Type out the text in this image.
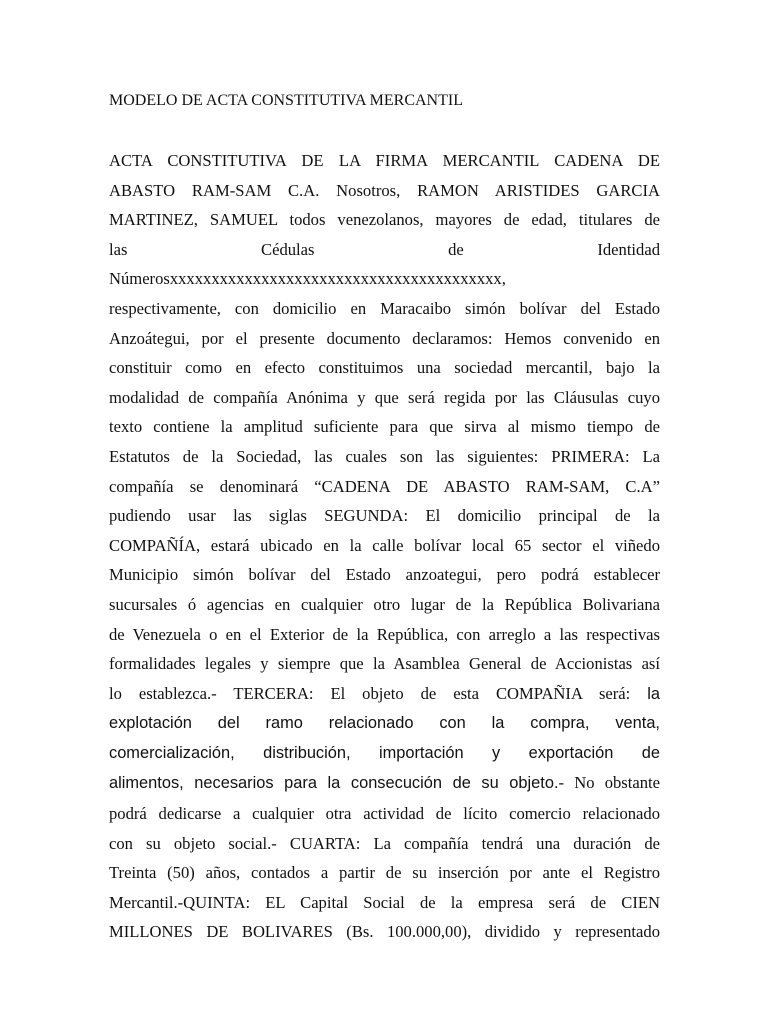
MODELO DE ACTA CONSTITUTIVA MERCANTIL
ACTA CONSTITUTIVA DE LA FIRMA MERCANTIL CADENA DE
ABASTO RAM-SAM C.A. Nosotros, RAMON ARISTIDES GARCIA
MARTINEZ, SAMUEL todos venezolanos, mayores de edad, titulares de
las Cédulas de Identidad
Númerosxxxxxxxxxxxxxxxxxxxxxxxxxxxxxxxxxxxxxxxx,
respectivamente, con domicilio en Maracaibo simón bolívar del Estado
Anzoátegui, por el presente documento declaramos: Hemos convenido en
constituir como en efecto constituimos una sociedad mercantil, bajo la
modalidad de compañía Anónima y que será regida por las Cláusulas cuyo
texto contiene la amplitud suficiente para que sirva al mismo tiempo de
Estatutos de la Sociedad, las cuales son las siguientes: PRIMERA: La
compañía se denominará “CADENA DE ABASTO RAM-SAM, C.A”
pudiendo usar las siglas SEGUNDA: El domicilio principal de la
COMPAÑÍA, estará ubicado en la calle bolívar local 65 sector el viñedo
Municipio simón bolívar del Estado anzoategui, pero podrá establecer
sucursales ó agencias en cualquier otro lugar de la República Bolivariana
de Venezuela o en el Exterior de la República, con arreglo a las respectivas
formalidades legales y siempre que la Asamblea General de Accionistas así
lo establezca.- TERCERA: El objeto de esta COMPAÑIA será: la
explotación del ramo relacionado con la compra, venta,
comercialización, distribución, importación y exportación de
alimentos, necesarios para la consecución de su objeto.- No obstante
podrá dedicarse a cualquier otra actividad de lícito comercio relacionado
con su objeto social.- CUARTA: La compañía tendrá una duración de
Treinta (50) años, contados a partir de su inserción por ante el Registro
Mercantil.-QUINTA: EL Capital Social de la empresa será de CIEN
MILLONES DE BOLIVARES (Bs. 100.000,00), dividido y representado
